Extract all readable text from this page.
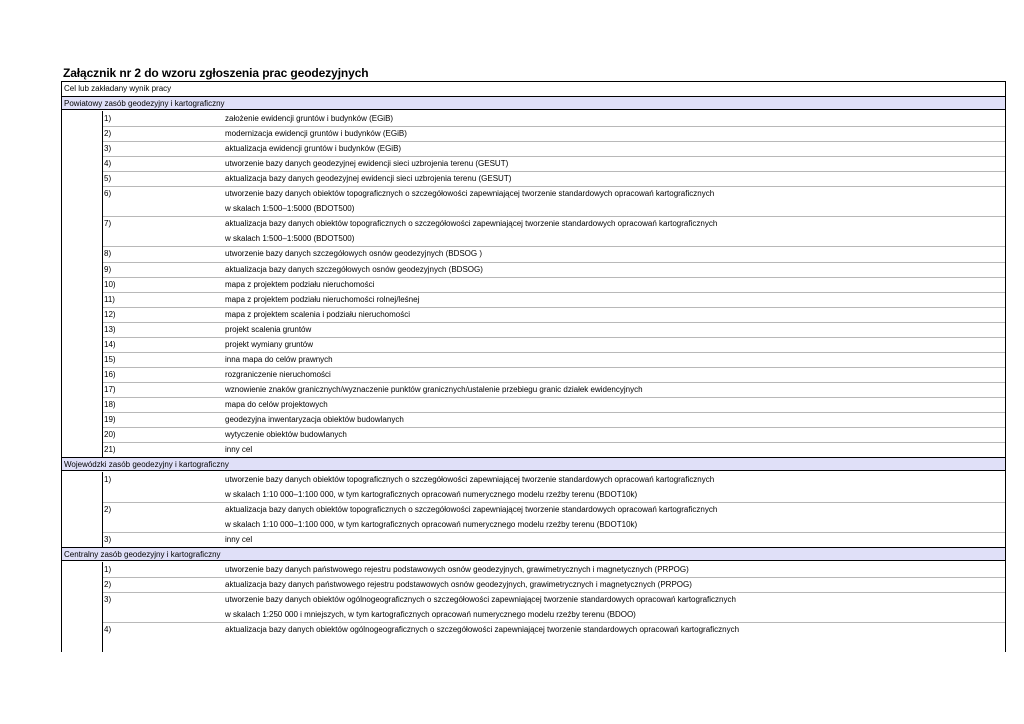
Załącznik nr 2 do wzoru zgłoszenia prac geodezyjnych
Cel lub zakładany wynik pracy
Powiatowy zasób geodezyjny i kartograficzny
1)	założenie ewidencji gruntów i budynków (EGiB)
2)	modernizacja ewidencji gruntów i budynków (EGiB)
3)	aktualizacja ewidencji gruntów i budynków (EGiB)
4)	utworzenie bazy danych geodezyjnej ewidencji sieci uzbrojenia terenu (GESUT)
5)	aktualizacja bazy danych geodezyjnej ewidencji sieci uzbrojenia terenu (GESUT)
6)	utworzenie bazy danych obiektów topograficznych o szczegółowości zapewniającej tworzenie standardowych opracowań kartograficznych
w skalach 1:500–1:5000 (BDOT500)
7)	aktualizacja bazy danych obiektów topograficznych o szczegółowości zapewniającej tworzenie standardowych opracowań kartograficznych
w skalach 1:500–1:5000 (BDOT500)
8)	utworzenie bazy danych szczegółowych osnów geodezyjnych (BDSOG )
9)	aktualizacja bazy danych szczegółowych osnów geodezyjnych (BDSOG)
10)	mapa z projektem podziału nieruchomości
11)	mapa z projektem podziału nieruchomości rolnej/leśnej
12)	mapa z projektem scalenia i podziału nieruchomości
13)	projekt scalenia gruntów
14)	projekt wymiany gruntów
15)	inna mapa do celów prawnych
16)	rozgraniczenie nieruchomości
17)	wznowienie znaków granicznych/wyznaczenie punktów granicznych/ustalenie przebiegu granic działek ewidencyjnych
18)	mapa do celów projektowych
19)	geodezyjna inwentaryzacja obiektów budowlanych
20)	wytyczenie obiektów budowlanych
21)	inny cel
Wojewódzki zasób geodezyjny i kartograficzny
1)	utworzenie bazy danych obiektów topograficznych o szczegółowości zapewniającej tworzenie standardowych opracowań kartograficznych
w skalach 1:10 000–1:100 000, w tym kartograficznych opracowań numerycznego modelu rzeźby terenu (BDOT10k)
2)	aktualizacja bazy danych obiektów topograficznych o szczegółowości zapewniającej tworzenie standardowych opracowań kartograficznych
w skalach 1:10 000–1:100 000, w tym kartograficznych opracowań numerycznego modelu rzeźby terenu (BDOT10k)
3)	inny cel
Centralny zasób geodezyjny i kartograficzny
1)	utworzenie bazy danych państwowego rejestru podstawowych osnów geodezyjnych, grawimetrycznych i magnetycznych (PRPOG)
2)	aktualizacja bazy danych państwowego rejestru podstawowych osnów geodezyjnych, grawimetrycznych i magnetycznych (PRPOG)
3)	utworzenie bazy danych obiektów ogólnogeograficznych o szczegółowości zapewniającej tworzenie standardowych opracowań kartograficznych
w skalach 1:250 000 i mniejszych, w tym kartograficznych opracowań numerycznego modelu rzeźby terenu (BDOO)
4)	aktualizacja bazy danych obiektów ogólnogeograficznych o szczegółowości zapewniającej tworzenie standardowych opracowań kartograficznych
